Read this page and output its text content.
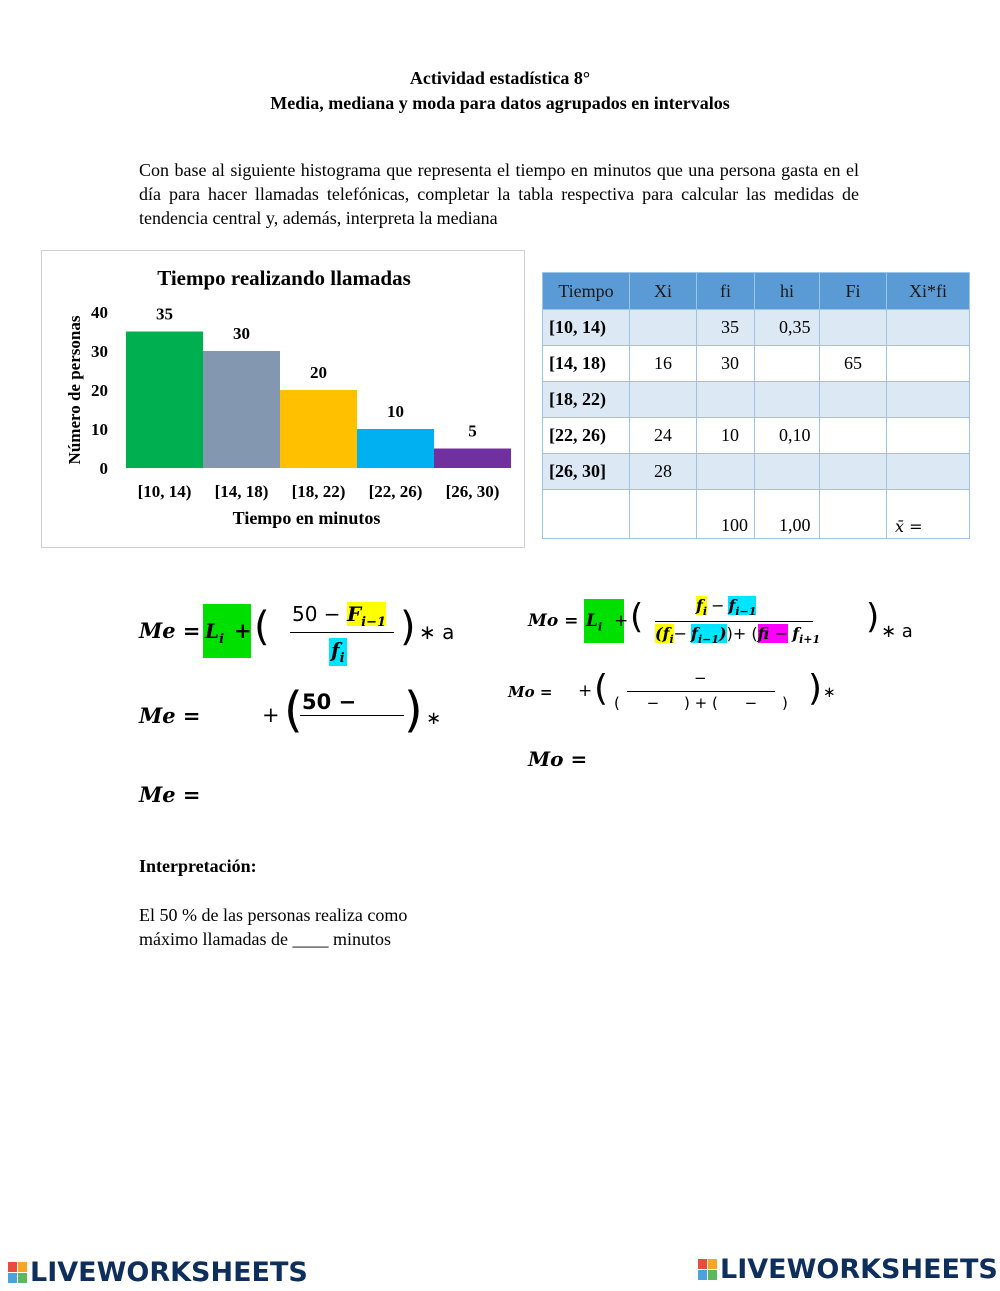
Actividad estadística 8°
Media, mediana y moda para datos agrupados en intervalos
Con base al siguiente histograma que representa el tiempo en minutos que una persona gasta en el día para hacer llamadas telefónicas, completar la tabla respectiva para calcular las medidas de tendencia central y, además, interpreta la mediana
Tiempo realizando llamadas
0
10
20
30
40
Número de personas
35
[10, 14)
30
[14, 18)
20
[18, 22)
10
[22, 26)
5
[26, 30)
Tiempo en minutos
Tiempo	Xi	fi	hi	Fi	Xi*fi
[10, 14)		35	0,35		
[14, 18)	16	30		65	
[18, 22)					
[22, 26)	24	10	0,10		
[26, 30]	28				
		100	1,00		x̄ =
$Me = L_i$ + ( $50 - F_{i-1}$
$f_i$
) ∗ a
Me =	+ ( 50 − ) ∗
Me =
$Mo = L_i$ + (	$f_i - f_{i-1}$
$(f_i- f_{i-1}))+ (fi - f_{i+1}$
) ∗ a
Mo = + (	−
( − ) + ( − ) ) ∗
Mo =
Interpretación:
El 50 % de las personas realiza como máximo llamadas de ____ minutos
LIVEWORKSHEETS	LIVEWORKSHEETS
